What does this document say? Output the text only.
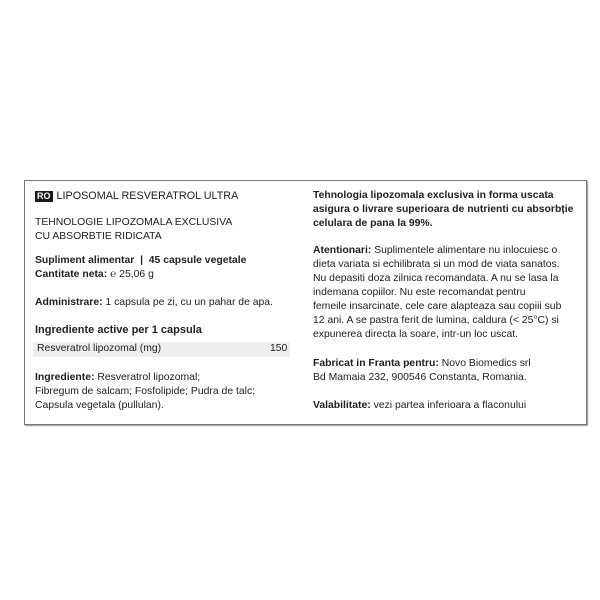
RO LIPOSOMAL RESVERATROL ULTRA
TEHNOLOGIE LIPOZOMALA EXCLUSIVA
CU ABSORBTIE RIDICATA
Supliment alimentar  |  45 capsule vegetale
Cantitate neta: ℮ 25,06 g
Administrare: 1 capsula pe zi, cu un pahar de apa.
Ingrediente active per 1 capsula
Resveratrol lipozomal (mg)	150
Ingrediente: Resveratrol lipozomal;
Fibregum de salcam; Fosfolipide; Pudra de talc;
Capsula vegetala (pullulan).
Tehnologia lipozomala exclusiva in forma uscata
asigura o livrare superioara de nutrienti cu absorbție
celulara de pana la 99%.
Atentionari: Suplimentele alimentare nu inlocuiesc o
dieta variata si echilibrata si un mod de viata sanatos.
Nu depasiti doza zilnica recomandata. A nu se lasa la
indemana copiilor. Nu este recomandat pentru
femeile insarcinate, cele care alapteaza sau copiii sub
12 ani. A se pastra ferit de lumina, caldura (< 25°C) si
expunerea directa la soare, intr-un loc uscat.
Fabricat in Franta pentru: Novo Biomedics srl
Bd Mamaia 232, 900546 Constanta, Romania.
Valabilitate: vezi partea inferioara a flaconului
